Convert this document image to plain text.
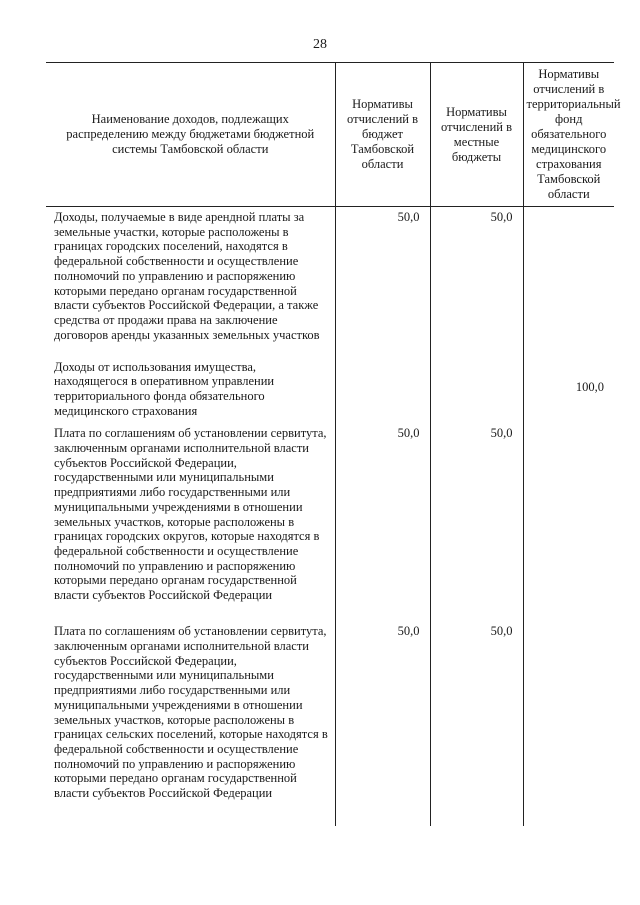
28
Наименование доходов, подлежащих распределению между бюджетами бюджетной системы Тамбовской области	Нормативы отчислений в бюджет Тамбовской области	Нормативы отчислений в местные бюджеты	Нормативы отчислений в территориальный фонд обязательного медицинского страхования Тамбовской области
Доходы, получаемые в виде арендной платы за земельные участки, которые расположены в границах городских поселений, находятся в федеральной собственности и осуществление полномочий по управлению и распоряжению которыми передано органам государственной власти субъектов Российской Федерации, а также средства от продажи права на заключение договоров аренды указанных земельных участков	50,0	50,0	
Доходы от использования имущества, находящегося в оперативном управлении территориального фонда обязательного медицинского страхования			100,0
Плата по соглашениям об установлении сервитута, заключенным органами исполнительной власти субъектов Российской Федерации, государственными или муниципальными предприятиями либо государственными или муниципальными учреждениями в отношении земельных участков, которые расположены в границах городских округов, которые находятся в федеральной собственности и осуществление полномочий по управлению и распоряжению которыми передано органам государственной власти субъектов Российской Федерации	50,0	50,0	
Плата по соглашениям об установлении сервитута, заключенным органами исполнительной власти субъектов Российской Федерации, государственными или муниципальными предприятиями либо государственными или муниципальными учреждениями в отношении земельных участков, которые расположены в границах сельских поселений, которые находятся в федеральной собственности и осуществление полномочий по управлению и распоряжению которыми передано органам государственной власти субъектов Российской Федерации	50,0	50,0	
